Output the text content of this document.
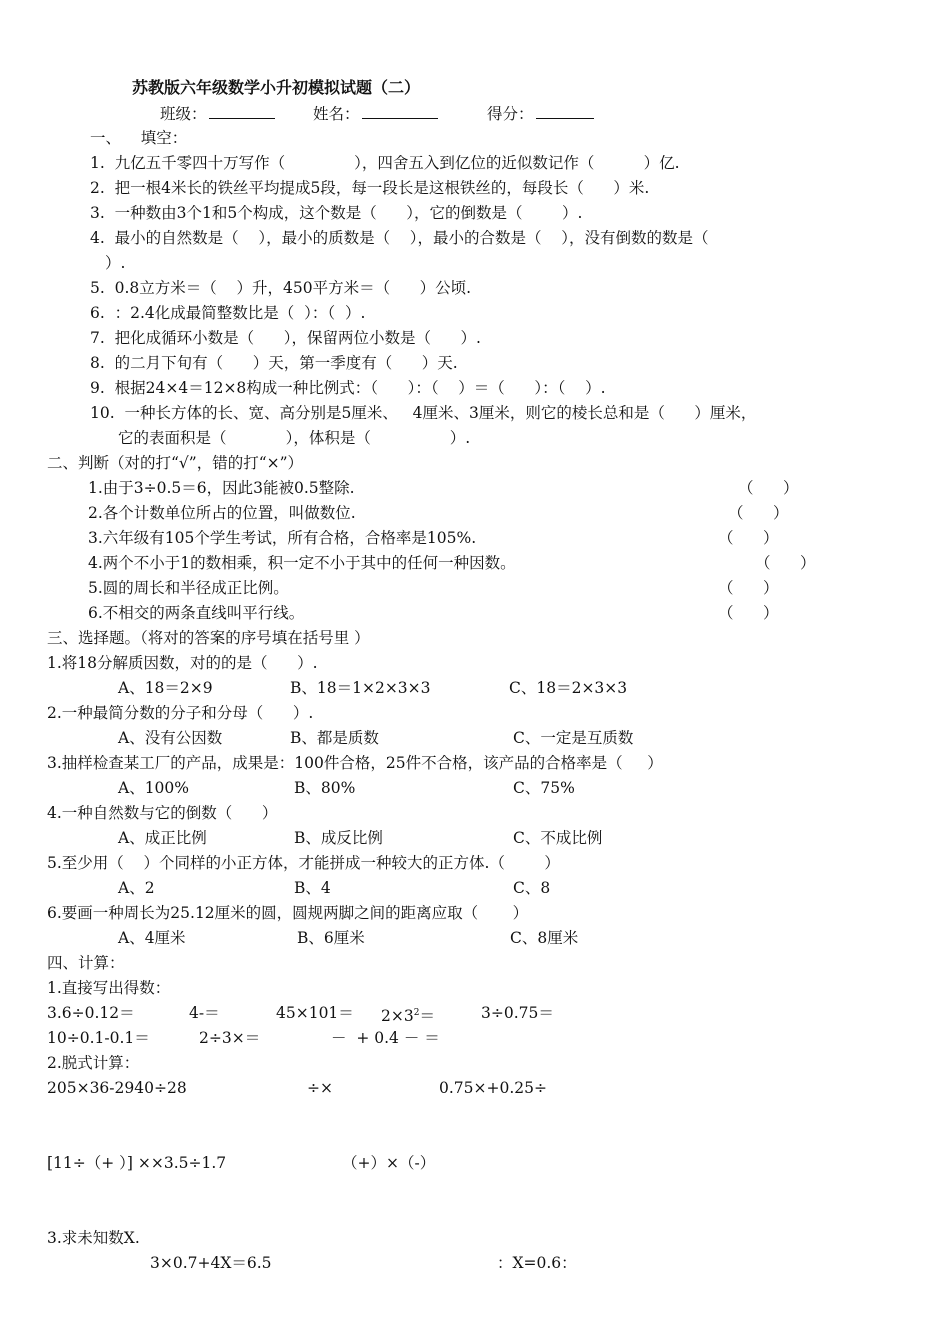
苏教版六年级数学小升初模拟试题（二）
班级：	姓名：	得分：
一、    填空：
1.  九亿五千零四十万写作（              ），四舍五入到亿位的近似数记作（          ）亿.
2.  把一根4米长的铁丝平均提成5段，每一段长是这根铁丝的，每段长（      ）米.
3.  一种数由3个1和5个构成，这个数是（      ），它的倒数是（        ）.
4.  最小的自然数是（    ），最小的质数是（    ），最小的合数是（    ），没有倒数的数是（
）.
5.  0.8立方米＝（    ）升，450平方米＝（      ）公顷.
6.  ：2.4化成最简整数比是（  ）：（  ）.
7.  把化成循环小数是（      ），保留两位小数是（      ）.
8.  的二月下旬有（      ）天，第一季度有（      ）天.
9.  根据24×4＝12×8构成一种比例式：（      ）：（    ）＝（      ）：（    ）.
10.  一种长方体的长、宽、高分别是5厘米、   4厘米、3厘米，则它的棱长总和是（      ）厘米，
它的表面积是（            ），体积是（                ）.
二、判断（对的打“√”，错的打“×”）
1.由于3÷0.5＝6，因此3能被0.5整除.	（      ）
2.各个计数单位所占的位置，叫做数位.	（      ）
3.六年级有105个学生考试，所有合格，合格率是105%.	（      ）
4.两个不小于1的数相乘，积一定不小于其中的任何一种因数。	（      ）
5.圆的周长和半径成正比例。	（      ）
6.不相交的两条直线叫平行线。	（      ）
三、选择题。（将对的答案的序号填在括号里 ）
1.将18分解质因数，对的的是（      ）.
A、18＝2×9	B、18＝1×2×3×3	C、18＝2×3×3
2.一种最简分数的分子和分母（      ）.
A、没有公因数	B、都是质数	C、一定是互质数
3.抽样检查某工厂的产品，成果是：100件合格，25件不合格，该产品的合格率是（     ）
A、100%	B、80%	C、75%
4.一种自然数与它的倒数（      ）
A、成正比例	B、成反比例	C、不成比例
5.至少用（    ）个同样的小正方体，才能拼成一种较大的正方体.（        ）
A、2	B、4	C、8
6.要画一种周长为25.12厘米的圆，圆规两脚之间的距离应取（       ）
A、4厘米	B、6厘米	C、8厘米
四、计算：
1.直接写出得数：
3.6÷0.12＝	4-＝	$45\times 101= 2\times 3^2=$	3÷0.75＝
10÷0.1-0.1＝	2÷3×＝	－  + 0.4 － ＝
2.脱式计算：
205×36-2940÷28	÷×	0.75×+0.25÷
[11÷（+ ）] ××3.5÷1.7	（+）×（-）
3.求未知数X.
3×0.7+4X＝6.5	：X=0.6：
